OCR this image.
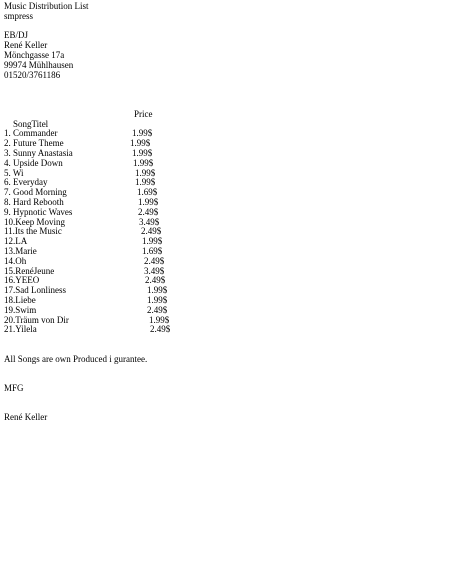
Music Distribution List
smpress
EB/DJ
René Keller
Mönchgasse 17a
99974 Mühlhausen
01520/3761186

SongTitel

Price

1. Commander	1.99$
2. Future Theme	1.99$
3. Sunny Anastasia	1.99$
4. Upside Down	1.99$
5. Wi	1.99$
6. Everyday	1.99$
7. Good Morning	1.69$
8. Hard Reboоth	1.99$
9. Hypnotic Waves	2.49$
10.Keep Moving	3.49$
11.Its the Music	2.49$
12.LA	1.99$
13.Marie	1.69$
14.Oh	2.49$
15.RenéJeune	3.49$
16.YEEO	2.49$
17.Sad Lonliness	1.99$
18.Liebe	1.99$
19.Swim	2.49$
20.Träum von Dir	1.99$
21.Yilela	2.49$
All Songs are own Produced i gurantee.
MFG
René Keller
